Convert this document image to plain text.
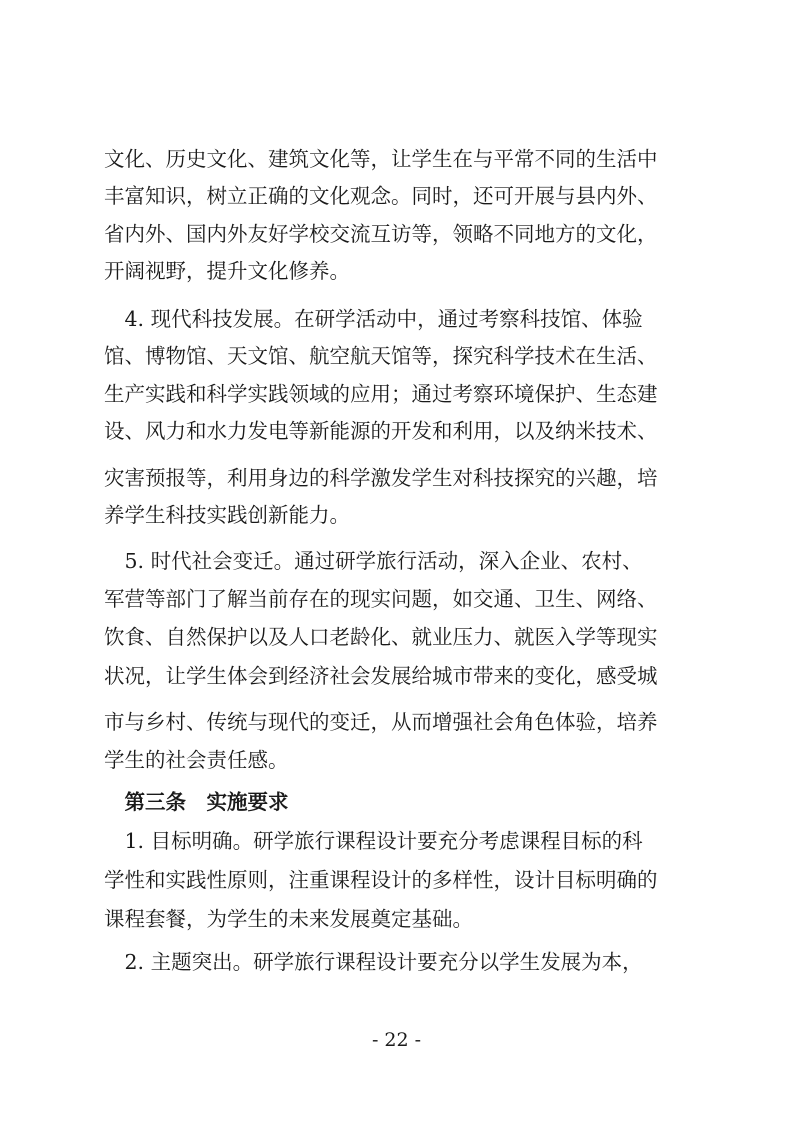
文化、历史文化、建筑文化等，让学生在与平常不同的生活中
丰富知识，树立正确的文化观念。同时，还可开展与县内外、
省内外、国内外友好学校交流互访等，领略不同地方的文化，
开阔视野，提升文化修养。
　4. 现代科技发展。在研学活动中，通过考察科技馆、体验
馆、博物馆、天文馆、航空航天馆等，探究科学技术在生活、
生产实践和科学实践领域的应用；通过考察环境保护、生态建
设、风力和水力发电等新能源的开发和利用，以及纳米技术、
灾害预报等，利用身边的科学激发学生对科技探究的兴趣，培
养学生科技实践创新能力。
　5. 时代社会变迁。通过研学旅行活动，深入企业、农村、
军营等部门了解当前存在的现实问题，如交通、卫生、网络、
饮食、自然保护以及人口老龄化、就业压力、就医入学等现实
状况，让学生体会到经济社会发展给城市带来的变化，感受城
市与乡村、传统与现代的变迁，从而增强社会角色体验，培养
学生的社会责任感。
　第三条　实施要求
　1. 目标明确。研学旅行课程设计要充分考虑课程目标的科
学性和实践性原则，注重课程设计的多样性，设计目标明确的
课程套餐，为学生的未来发展奠定基础。
　2. 主题突出。研学旅行课程设计要充分以学生发展为本，
- 22 -
